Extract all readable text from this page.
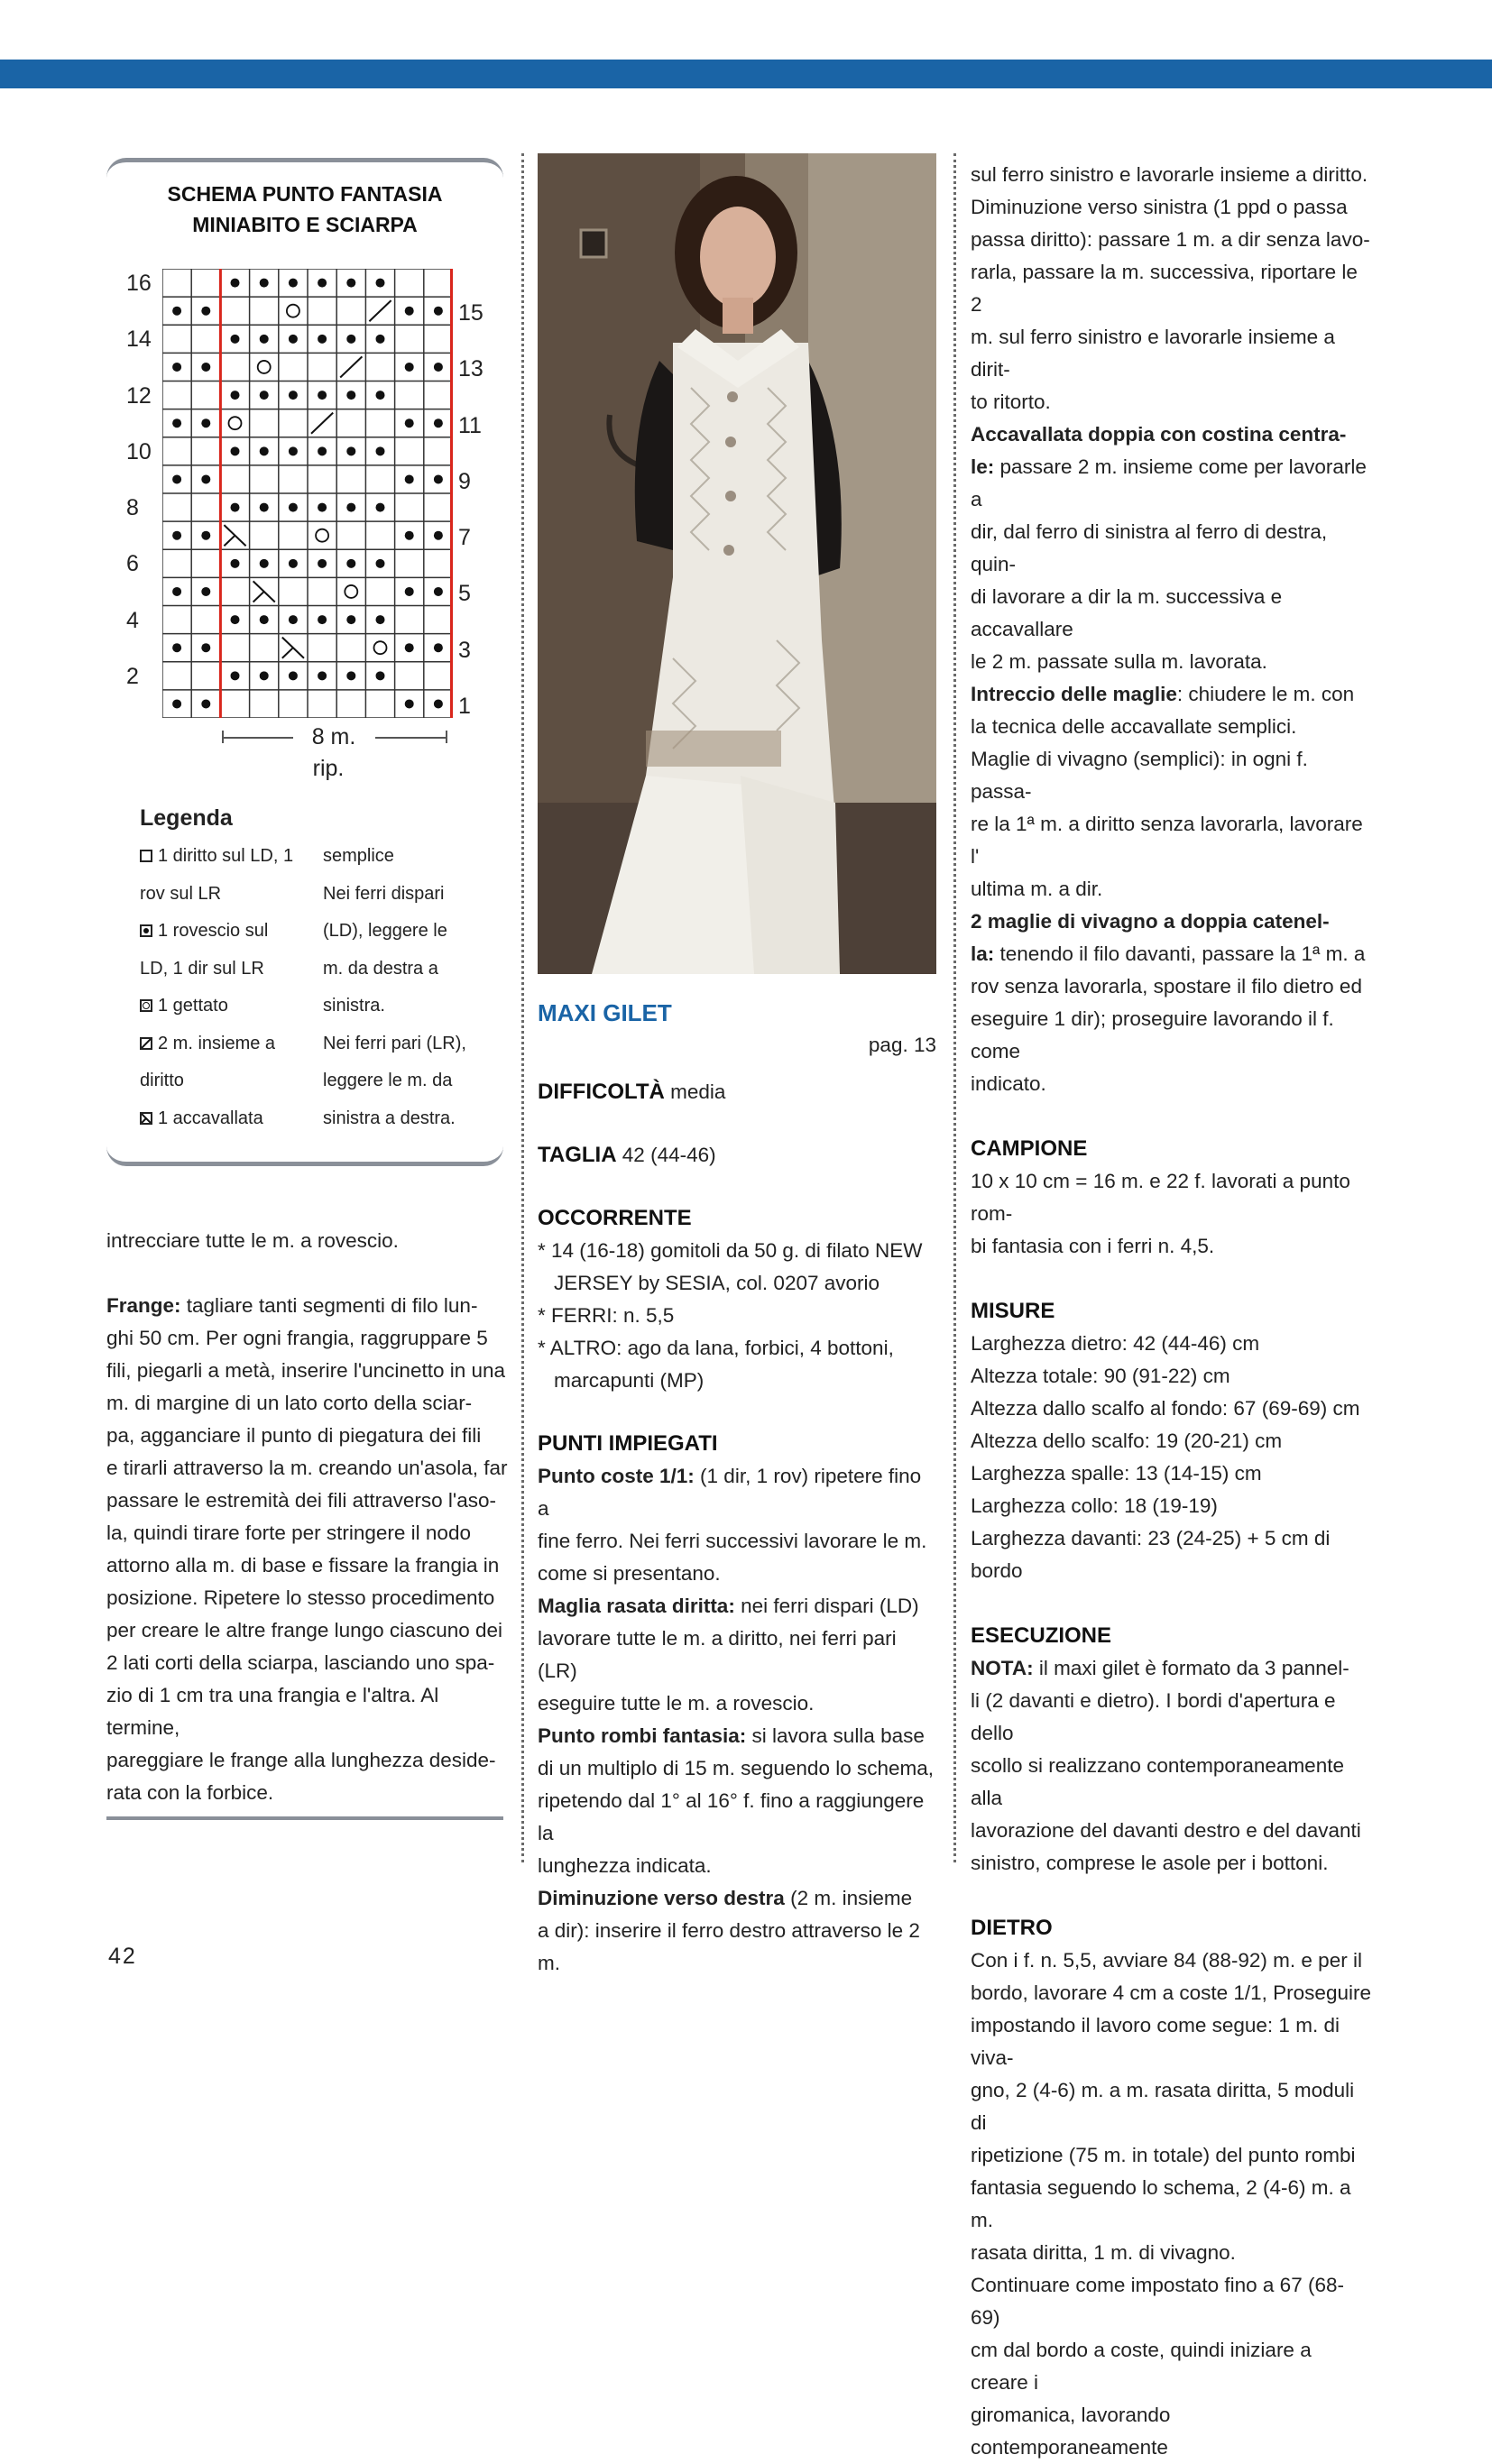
SCHEMA PUNTO FANTASIA
MINIABITO E SCIARPA
16
14
12
10
8
6
4
2
15
13
11
9
7
5
3
1
8 m.
rip.
Legenda
1 diritto sul LD, 1
rov sul LR
1 rovescio sul
LD, 1 dir sul LR
1 gettato
2 m. insieme a
diritto
1 accavallata
semplice
Nei ferri dispari
(LD), leggere le
m. da destra a
sinistra.
Nei ferri pari (LR),
leggere le m. da
sinistra a destra.

intrecciare tutte le m. a rovescio.

Frange: tagliare tanti segmenti di filo lun-

ghi 50 cm. Per ogni frangia, raggruppare 5

fili, piegarli a metà, inserire l'uncinetto in una

m. di margine di un lato corto della sciar-

pa, agganciare il punto di piegatura dei fili

e tirarli attraverso la m. creando un'asola, far

passare le estremità dei fili attraverso l'aso-

la, quindi tirare forte per stringere il nodo

attorno alla m. di base e fissare la frangia in

posizione. Ripetere lo stesso procedimento

per creare le altre frange lungo ciascuno dei

2 lati corti della sciarpa, lasciando uno spa-

zio di 1 cm tra una frangia e l'altra. Al termine,

pareggiare le frange alla lunghezza deside-

rata con la forbice.

42

MAXI GILET

pag. 13

DIFFICOLTÀ media

TAGLIA 42 (44-46)

OCCORRENTE

* 14 (16-18) gomitoli da 50 g. di filato NEW

JERSEY by SESIA, col. 0207 avorio

* FERRI: n. 5,5

* ALTRO: ago da lana, forbici, 4 bottoni,

marcapunti (MP)

PUNTI IMPIEGATI

Punto coste 1/1: (1 dir, 1 rov) ripetere fino a

fine ferro. Nei ferri successivi lavorare le m.

come si presentano.

Maglia rasata diritta: nei ferri dispari (LD)

lavorare tutte le m. a diritto, nei ferri pari (LR)

eseguire tutte le m. a rovescio.

Punto rombi fantasia: si lavora sulla base

di un multiplo di 15 m. seguendo lo schema,

ripetendo dal 1° al 16° f. fino a raggiungere la

lunghezza indicata.

Diminuzione verso destra (2 m. insieme

a dir): inserire il ferro destro attraverso le 2 m.

sul ferro sinistro e lavorarle insieme a diritto.

Diminuzione verso sinistra (1 ppd o passa

passa diritto): passare 1 m. a dir senza lavo-

rarla, passare la m. successiva, riportare le 2

m. sul ferro sinistro e lavorarle insieme a dirit-

to ritorto.

Accavallata doppia con costina centra-

le: passare 2 m. insieme come per lavorarle a

dir, dal ferro di sinistra al ferro di destra, quin-

di lavorare a dir la m. successiva e accavallare

le 2 m. passate sulla m. lavorata.

Intreccio delle maglie: chiudere le m. con

la tecnica delle accavallate semplici.

Maglie di vivagno (semplici): in ogni f. passa-

re la 1ª m. a diritto senza lavorarla, lavorare l'

ultima m. a dir.

2 maglie di vivagno a doppia catenel-

la: tenendo il filo davanti, passare la 1ª m. a

rov senza lavorarla, spostare il filo dietro ed

eseguire 1 dir); proseguire lavorando il f. come

indicato.

CAMPIONE

10 x 10 cm = 16 m. e 22 f. lavorati a punto rom-

bi fantasia con i ferri n. 4,5.

MISURE

Larghezza dietro: 42 (44-46) cm

Altezza totale: 90 (91-22) cm

Altezza dallo scalfo al fondo: 67 (69-69) cm

Altezza dello scalfo: 19 (20-21) cm

Larghezza spalle: 13 (14-15) cm

Larghezza collo: 18 (19-19)

Larghezza davanti: 23 (24-25) + 5 cm di bordo

ESECUZIONE

NOTA: il maxi gilet è formato da 3 pannel-

li (2 davanti e dietro). I bordi d'apertura e dello

scollo si realizzano contemporaneamente alla

lavorazione del davanti destro e del davanti

sinistro, comprese le asole per i bottoni.

DIETRO

Con i f. n. 5,5, avviare 84 (88-92) m. e per il

bordo, lavorare 4 cm a coste 1/1, Proseguire

impostando il lavoro come segue: 1 m. di viva-

gno, 2 (4-6) m. a m. rasata diritta, 5 moduli di

ripetizione (75 m. in totale) del punto rombi

fantasia seguendo lo schema, 2 (4-6) m. a m.

rasata diritta, 1 m. di vivagno.

Continuare come impostato fino a 67 (68-69)

cm dal bordo a coste, quindi iniziare a creare i

giromanica, lavorando contemporaneamente
